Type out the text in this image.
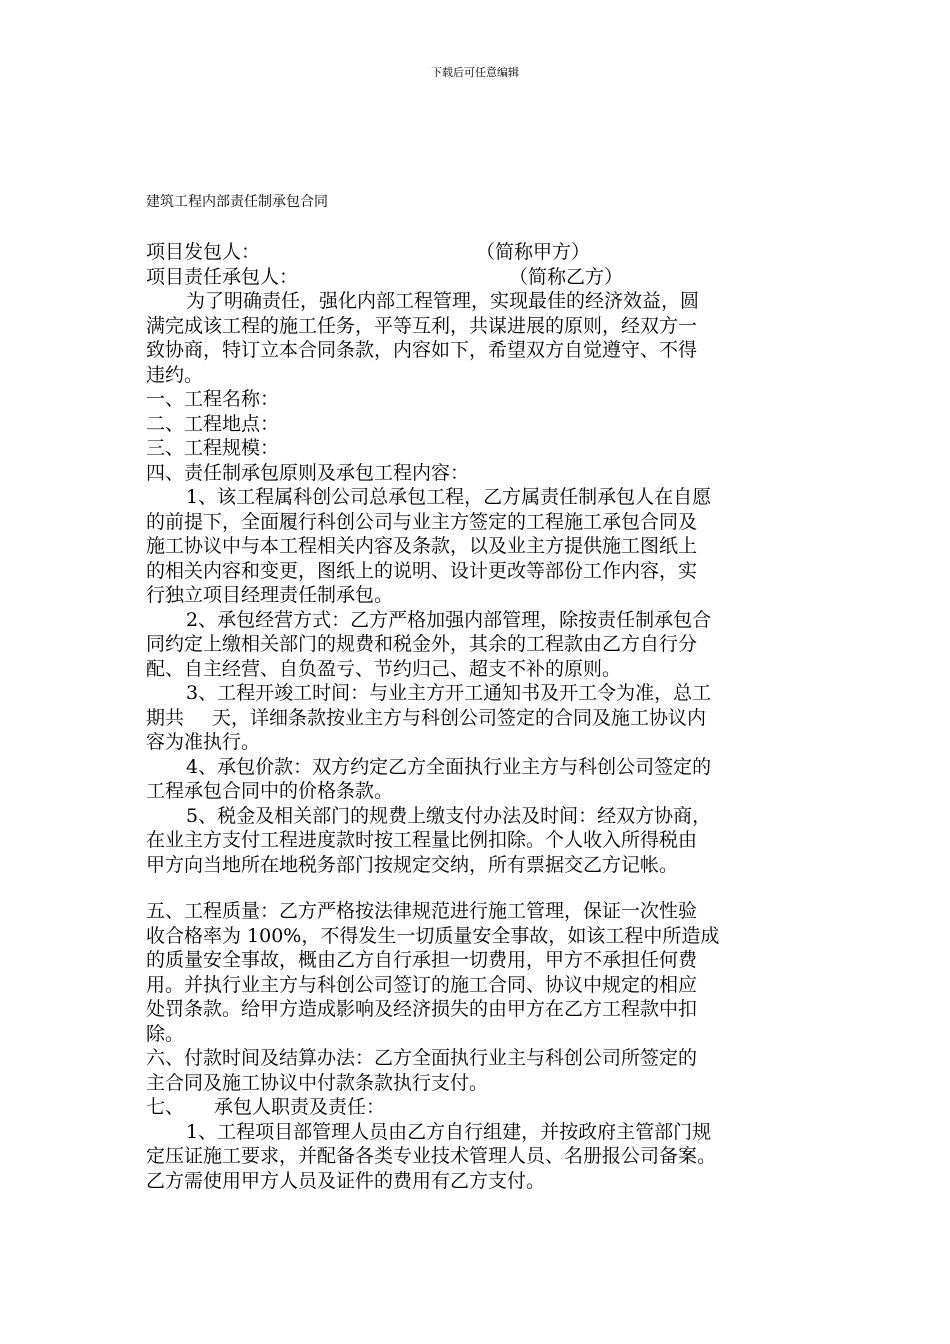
下载后可任意编辑
建筑工程内部责任制承包合同
项目发包人：	（简称甲方）
项目责任承包人：	（简称乙方）
为了明确责任，强化内部工程管理，实现最佳的经济效益，圆
满完成该工程的施工任务，平等互利，共谋进展的原则，经双方一
致协商，特订立本合同条款，内容如下，希望双方自觉遵守、不得
违约。
一、工程名称：
二、工程地点：
三、工程规模：
四、责任制承包原则及承包工程内容：
1、该工程属科创公司总承包工程，乙方属责任制承包人在自愿
的前提下，全面履行科创公司与业主方签定的工程施工承包合同及
施工协议中与本工程相关内容及条款，以及业主方提供施工图纸上
的相关内容和变更，图纸上的说明、设计更改等部份工作内容，实
行独立项目经理责任制承包。
2、承包经营方式：乙方严格加强内部管理，除按责任制承包合
同约定上缴相关部门的规费和税金外，其余的工程款由乙方自行分
配、自主经营、自负盈亏、节约归己、超支不补的原则。
3、工程开竣工时间：与业主方开工通知书及开工令为准，总工
期共 天，详细条款按业主方与科创公司签定的合同及施工协议内
容为准执行。
4、承包价款：双方约定乙方全面执行业主方与科创公司签定的
工程承包合同中的价格条款。
5、税金及相关部门的规费上缴支付办法及时间：经双方协商，
在业主方支付工程进度款时按工程量比例扣除。个人收入所得税由
甲方向当地所在地税务部门按规定交纳，所有票据交乙方记帐。
五、工程质量：乙方严格按法律规范进行施工管理，保证一次性验
收合格率为 100%，不得发生一切质量安全事故，如该工程中所造成
的质量安全事故，概由乙方自行承担一切费用，甲方不承担任何费
用。并执行业主方与科创公司签订的施工合同、协议中规定的相应
处罚条款。给甲方造成影响及经济损失的由甲方在乙方工程款中扣
除。
六、付款时间及结算办法：乙方全面执行业主与科创公司所签定的
主合同及施工协议中付款条款执行支付。
七、 承包人职责及责任：
1、工程项目部管理人员由乙方自行组建，并按政府主管部门规
定压证施工要求，并配备各类专业技术管理人员、名册报公司备案。
乙方需使用甲方人员及证件的费用有乙方支付。
